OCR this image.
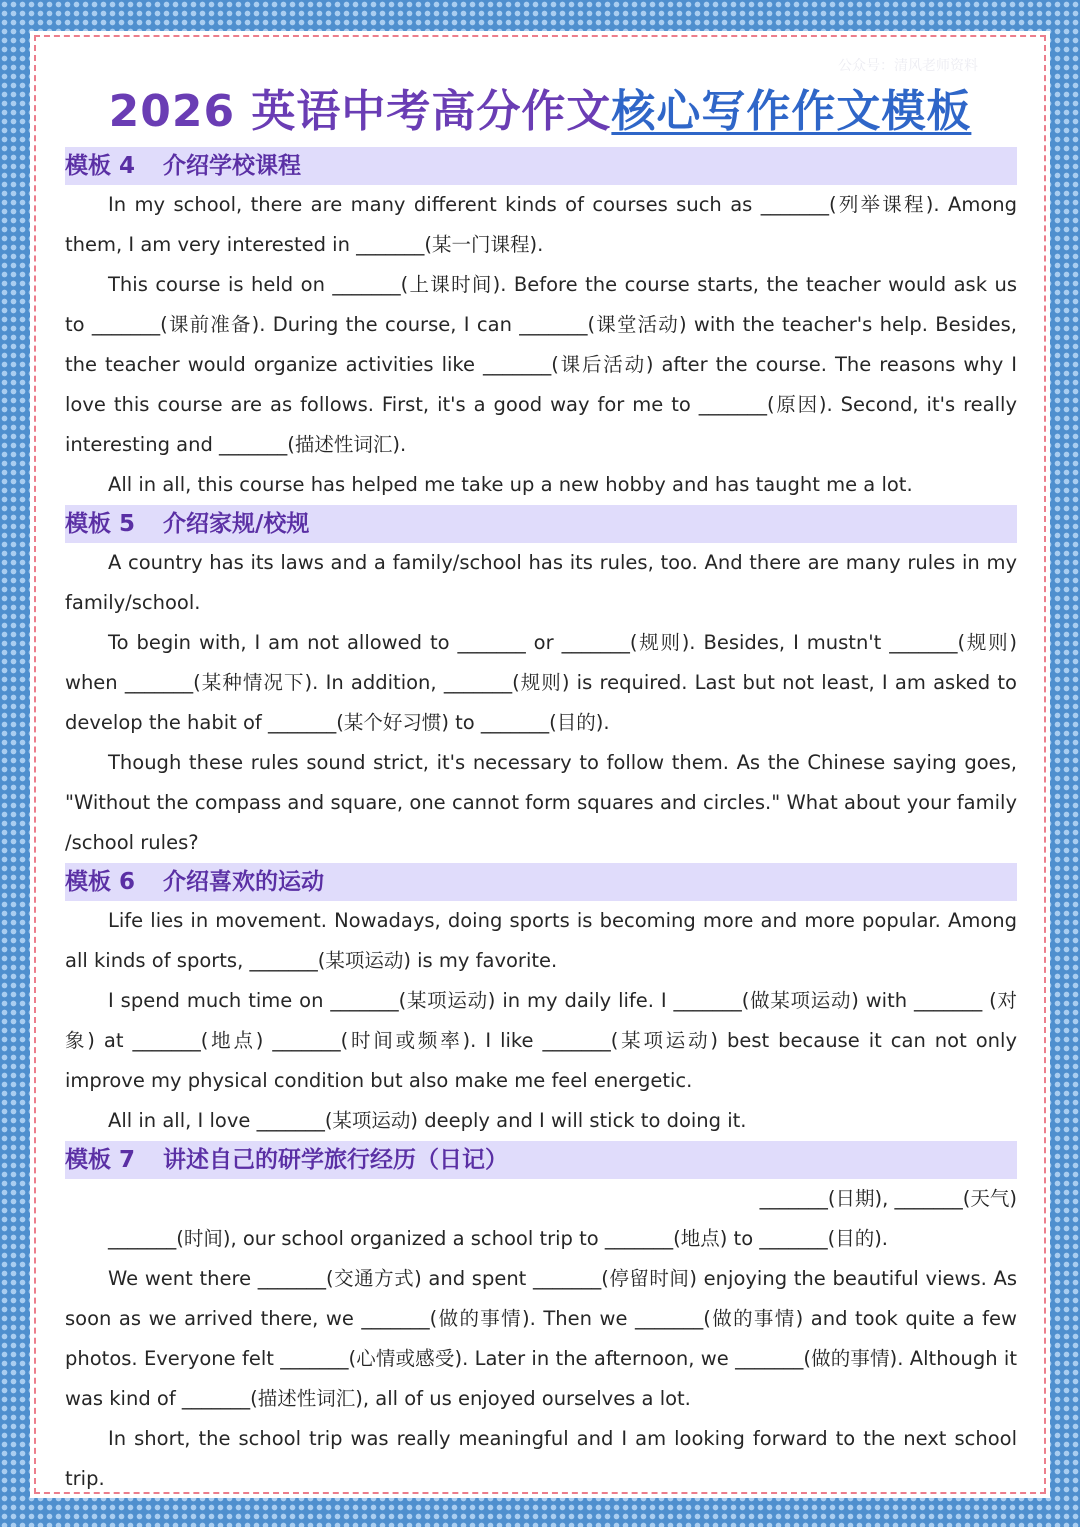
公众号：清风老师资料
2026 英语中考高分作文核心写作作文模板
模板 4 介绍学校课程

In my school, there are many different kinds of courses such as _______(列举课程). Among them, I am very interested in _______(某一门课程).

This course is held on _______(上课时间). Before the course starts, the teacher would ask us to _______(课前准备). During the course, I can _______(课堂活动) with the teacher's help. Besides, the teacher would organize activities like _______(课后活动) after the course. The reasons why I love this course are as follows. First, it's a good way for me to _______(原因). Second, it's really interesting and _______(描述性词汇).

All in all, this course has helped me take up a new hobby and has taught me a lot.

模板 5 介绍家规/校规

A country has its laws and a family/school has its rules, too. And there are many rules in my family/school.

To begin with, I am not allowed to _______ or _______(规则). Besides, I mustn't _______(规则) when _______(某种情况下). In addition, _______(规则) is required. Last but not least, I am asked to develop the habit of _______(某个好习惯) to _______(目的).

Though these rules sound strict, it's necessary to follow them. As the Chinese saying goes, "Without the compass and square, one cannot form squares and circles." What about your family /school rules?

模板 6 介绍喜欢的运动

Life lies in movement. Nowadays, doing sports is becoming more and more popular. Among all kinds of sports, _______(某项运动) is my favorite.

I spend much time on _______(某项运动) in my daily life. I _______(做某项运动) with _______ (对象) at _______(地点) _______(时间或频率). I like _______(某项运动) best because it can not only improve my physical condition but also make me feel energetic.

All in all, I love _______(某项运动) deeply and I will stick to doing it.

模板 7 讲述自己的研学旅行经历（日记）

_______(日期), _______(天气)

_______(时间), our school organized a school trip to _______(地点) to _______(目的).

We went there _______(交通方式) and spent _______(停留时间) enjoying the beautiful views. As soon as we arrived there, we _______(做的事情). Then we _______(做的事情) and took quite a few photos. Everyone felt _______(心情或感受). Later in the afternoon, we _______(做的事情). Although it was kind of _______(描述性词汇), all of us enjoyed ourselves a lot.

In short, the school trip was really meaningful and I am looking forward to the next school trip.
